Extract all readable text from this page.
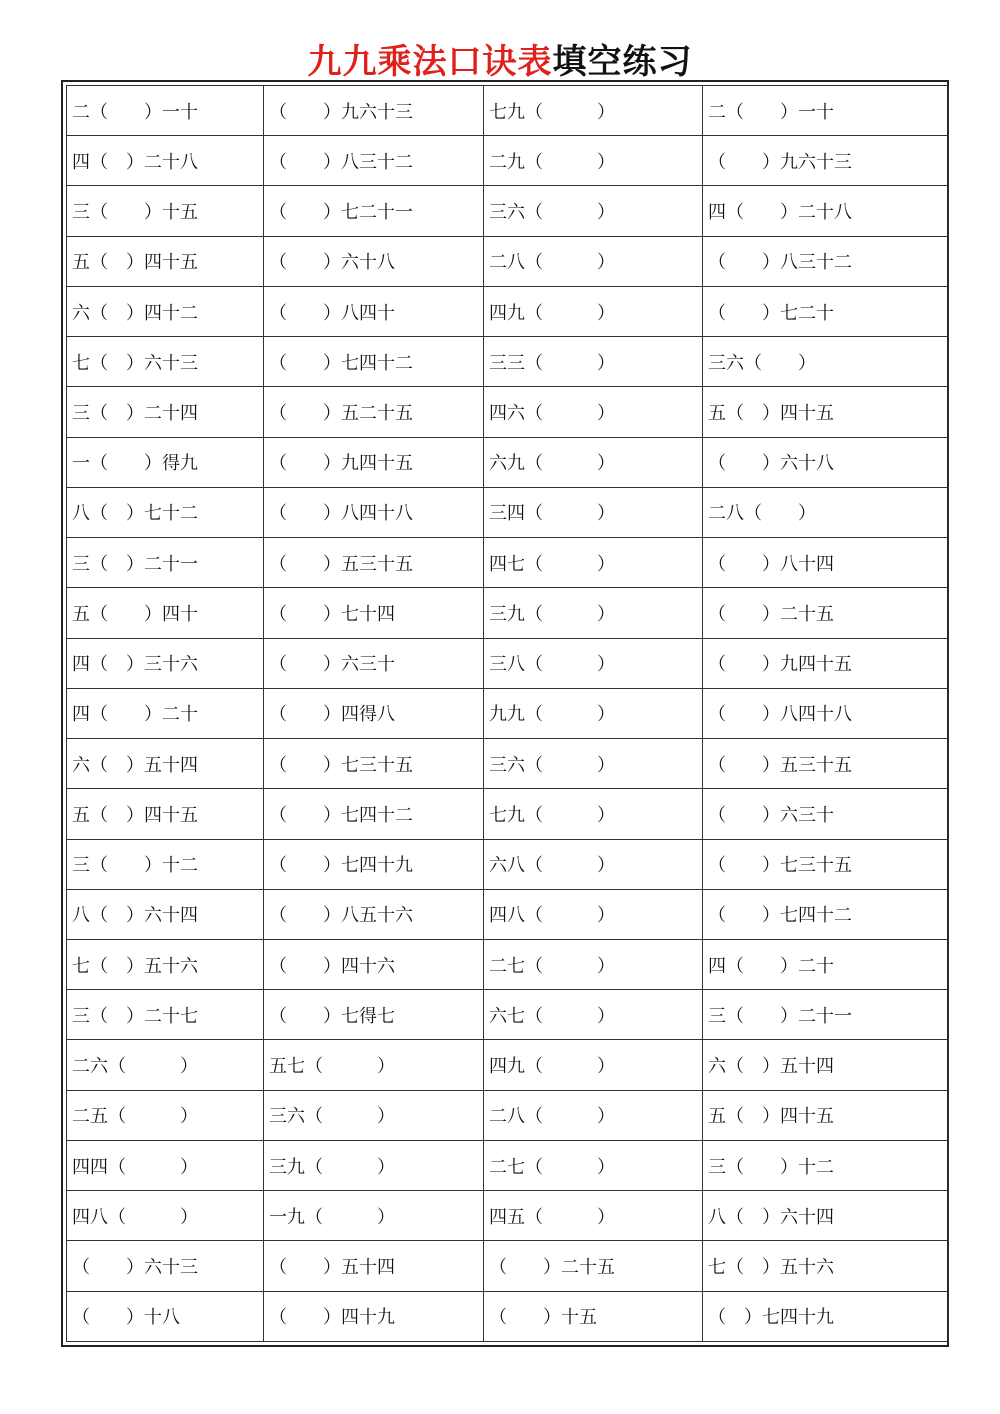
九九乘法口诀表填空练习
二（　　）一十	（　　）九六十三	七九（　　　）	二（　　）一十
四（　）二十八	（　　）八三十二	二九（　　　）	（　　）九六十三
三（　　）十五	（　　）七二十一	三六（　　　）	四（　　）二十八
五（　）四十五	（　　）六十八	二八（　　　）	（　　）八三十二
六（　）四十二	（　　）八四十	四九（　　　）	（　　）七二十
七（　）六十三	（　　）七四十二	三三（　　　）	三六（　　）
三（　）二十四	（　　）五二十五	四六（　　　）	五（　）四十五
一（　　）得九	（　　）九四十五	六九（　　　）	（　　）六十八
八（　）七十二	（　　）八四十八	三四（　　　）	二八（　　）
三（　）二十一	（　　）五三十五	四七（　　　）	（　　）八十四
五（　　）四十	（　　）七十四	三九（　　　）	（　　）二十五
四（　）三十六	（　　）六三十	三八（　　　）	（　　）九四十五
四（　　）二十	（　　）四得八	九九（　　　）	（　　）八四十八
六（　）五十四	（　　）七三十五	三六（　　　）	（　　）五三十五
五（　）四十五	（　　）七四十二	七九（　　　）	（　　）六三十
三（　　）十二	（　　）七四十九	六八（　　　）	（　　）七三十五
八（　）六十四	（　　）八五十六	四八（　　　）	（　　）七四十二
七（　）五十六	（　　）四十六	二七（　　　）	四（　　）二十
三（　）二十七	（　　）七得七	六七（　　　）	三（　　）二十一
二六（　　　）	五七（　　　）	四九（　　　）	六（　）五十四
二五（　　　）	三六（　　　）	二八（　　　）	五（　）四十五
四四（　　　）	三九（　　　）	二七（　　　）	三（　　）十二
四八（　　　）	一九（　　　）	四五（　　　）	八（　）六十四
（　　）六十三	（　　）五十四	（　　）二十五	七（　）五十六
（　　）十八	（　　）四十九	（　　）十五	（　）七四十九
